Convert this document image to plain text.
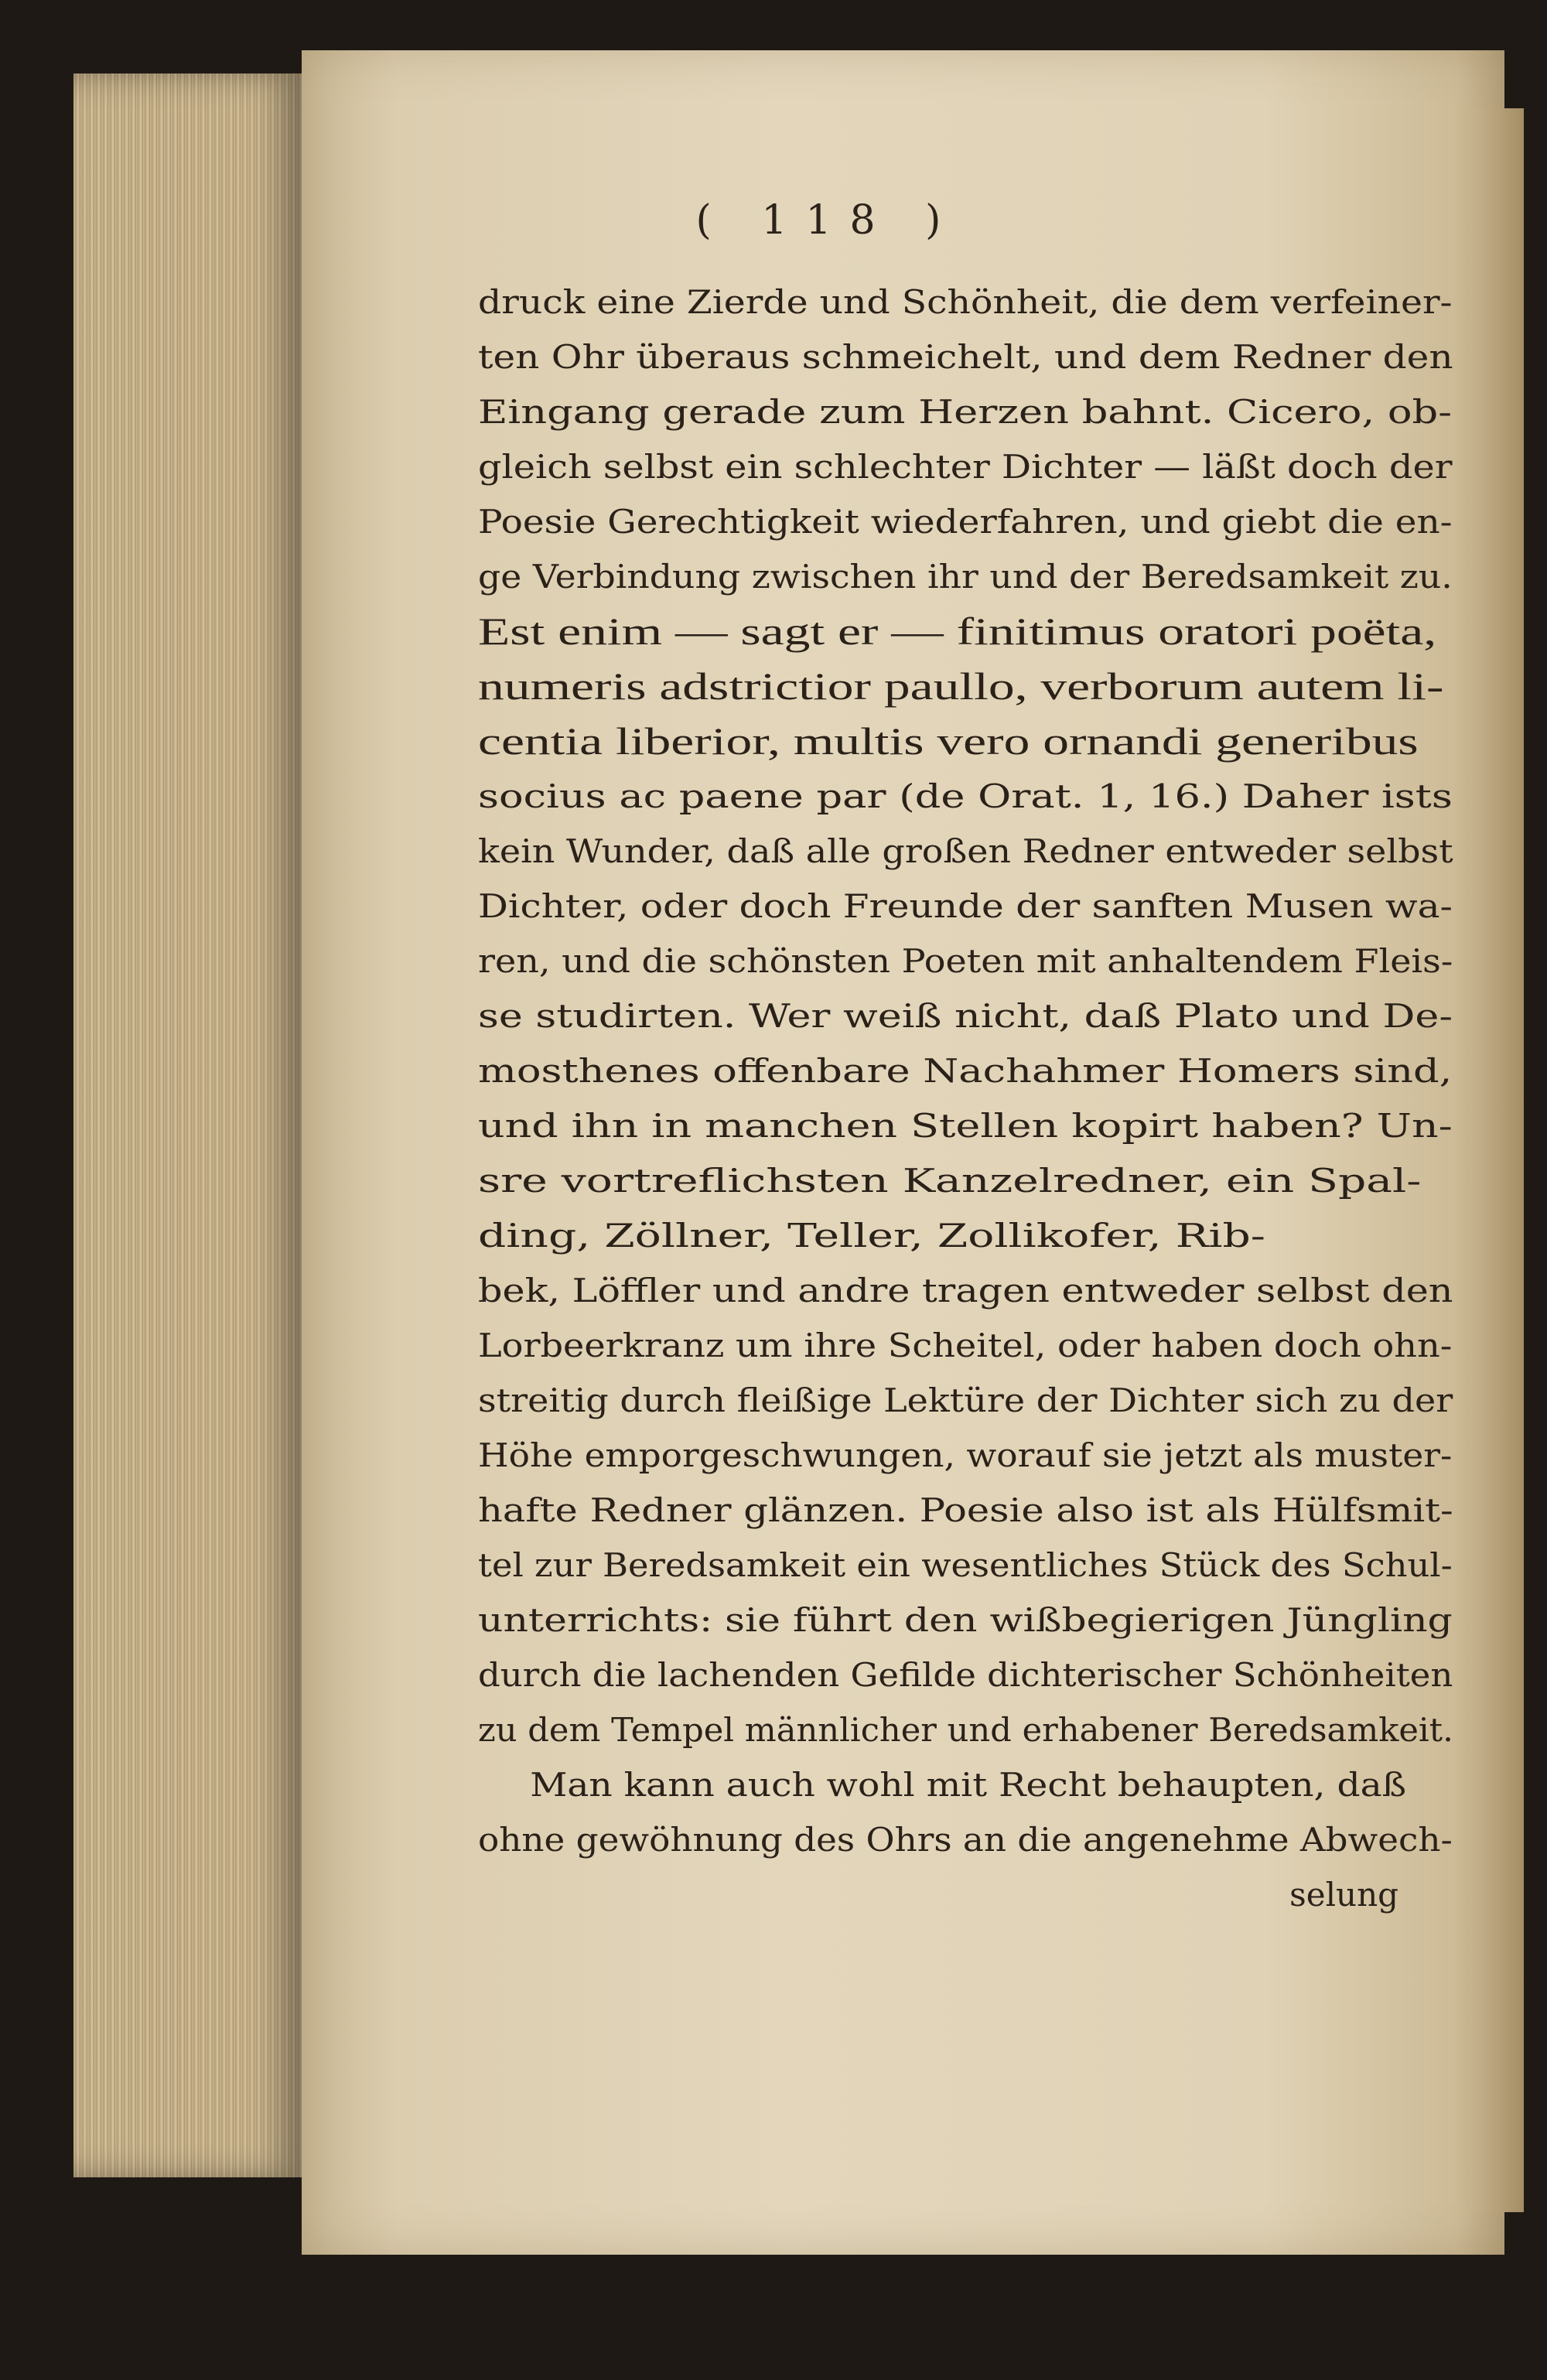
( 118 )
druck eine Zierde und Schönheit, die dem verfeiner-
ten Ohr überaus schmeichelt, und dem Redner den
Eingang gerade zum Herzen bahnt. Cicero, ob-
gleich selbst ein schlechter Dichter — läßt doch der
Poesie Gerechtigkeit wiederfahren, und giebt die en-
ge Verbindung zwischen ihr und der Beredsamkeit zu.
Est enim — sagt er — finitimus oratori poëta,
numeris adstrictior paullo, verborum autem li-
centia liberior, multis vero ornandi generibus
socius ac paene par (de Orat. 1, 16.) Daher ists
kein Wunder, daß alle großen Redner entweder selbst
Dichter, oder doch Freunde der sanften Musen wa-
ren, und die schönsten Poeten mit anhaltendem Fleis-
se studirten. Wer weiß nicht, daß Plato und De-
mosthenes offenbare Nachahmer Homers sind,
und ihn in manchen Stellen kopirt haben? Un-
sre vortreflichsten Kanzelredner, ein Spal-
ding, Zöllner, Teller, Zollikofer, Rib-
bek, Löffler und andre tragen entweder selbst den
Lorbeerkranz um ihre Scheitel, oder haben doch ohn-
streitig durch fleißige Lektüre der Dichter sich zu der
Höhe emporgeschwungen, worauf sie jetzt als muster-
hafte Redner glänzen. Poesie also ist als Hülfsmit-
tel zur Beredsamkeit ein wesentliches Stück des Schul-
unterrichts: sie führt den wißbegierigen Jüngling
durch die lachenden Gefilde dichterischer Schönheiten
zu dem Tempel männlicher und erhabener Beredsamkeit.
Man kann auch wohl mit Recht behaupten, daß
ohne gewöhnung des Ohrs an die angenehme Abwech-
selung
